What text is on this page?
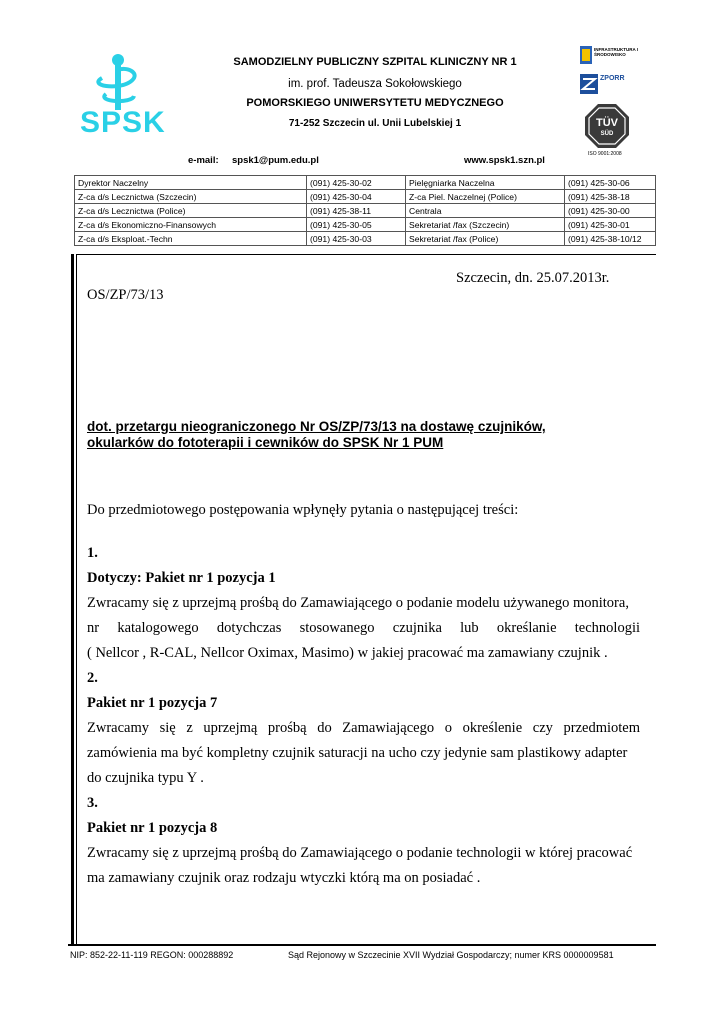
SPSK
SAMODZIELNY PUBLICZNY SZPITAL KLINICZNY NR 1
im. prof. Tadeusza Sokołowskiego
POMORSKIEGO UNIWERSYTETU MEDYCZNEGO
71-252 Szczecin ul. Unii Lubelskiej 1
e-mail: spsk1@pum.edu.pl	www.spsk1.szn.pl
INFRASTRUKTURA I ŚRODOWISKO
ZPORR
TÜV
SÜD
ISO 9001:2008
Dyrektor Naczelny	(091) 425-30-02	Pielęgniarka Naczelna	(091) 425-30-06
Z-ca d/s Lecznictwa (Szczecin)	(091) 425-30-04	Z-ca Piel. Naczelnej (Police)	(091) 425-38-18
Z-ca d/s Lecznictwa (Police)	(091) 425-38-11	Centrala	(091) 425-30-00
Z-ca d/s Ekonomiczno-Finansowych	(091) 425-30-05	Sekretariat /fax (Szczecin)	(091) 425-30-01
Z-ca d/s Eksploat.-Techn	(091) 425-30-03	Sekretariat /fax (Police)	(091) 425-38-10/12
Szczecin, dn. 25.07.2013r.
OS/ZP/73/13
dot. przetargu nieograniczonego Nr OS/ZP/73/13 na dostawę czujników,
okularków do fototerapii i cewników do SPSK Nr 1 PUM
Do przedmiotowego postępowania wpłynęły pytania o następującej treści:
1.
Dotyczy: Pakiet nr 1 pozycja 1
Zwracamy się z uprzejmą prośbą do Zamawiającego o podanie modelu używanego monitora,
nr katalogowego dotychczas stosowanego czujnika lub określanie technologii
( Nellcor , R-CAL, Nellcor Oximax, Masimo) w jakiej pracować ma zamawiany czujnik .
2.
Pakiet nr 1 pozycja 7
Zwracamy się z uprzejmą prośbą do Zamawiającego o określenie czy przedmiotem
zamówienia ma być kompletny czujnik saturacji na ucho czy jedynie sam plastikowy adapter
do czujnika typu Y .
3.
Pakiet nr 1 pozycja 8
Zwracamy się z uprzejmą prośbą do Zamawiającego o podanie technologii w której pracować
ma zamawiany czujnik oraz rodzaju wtyczki którą ma on posiadać .
NIP: 852-22-11-119 REGON: 000288892	Sąd Rejonowy w Szczecinie XVII Wydział Gospodarczy; numer KRS 0000009581
